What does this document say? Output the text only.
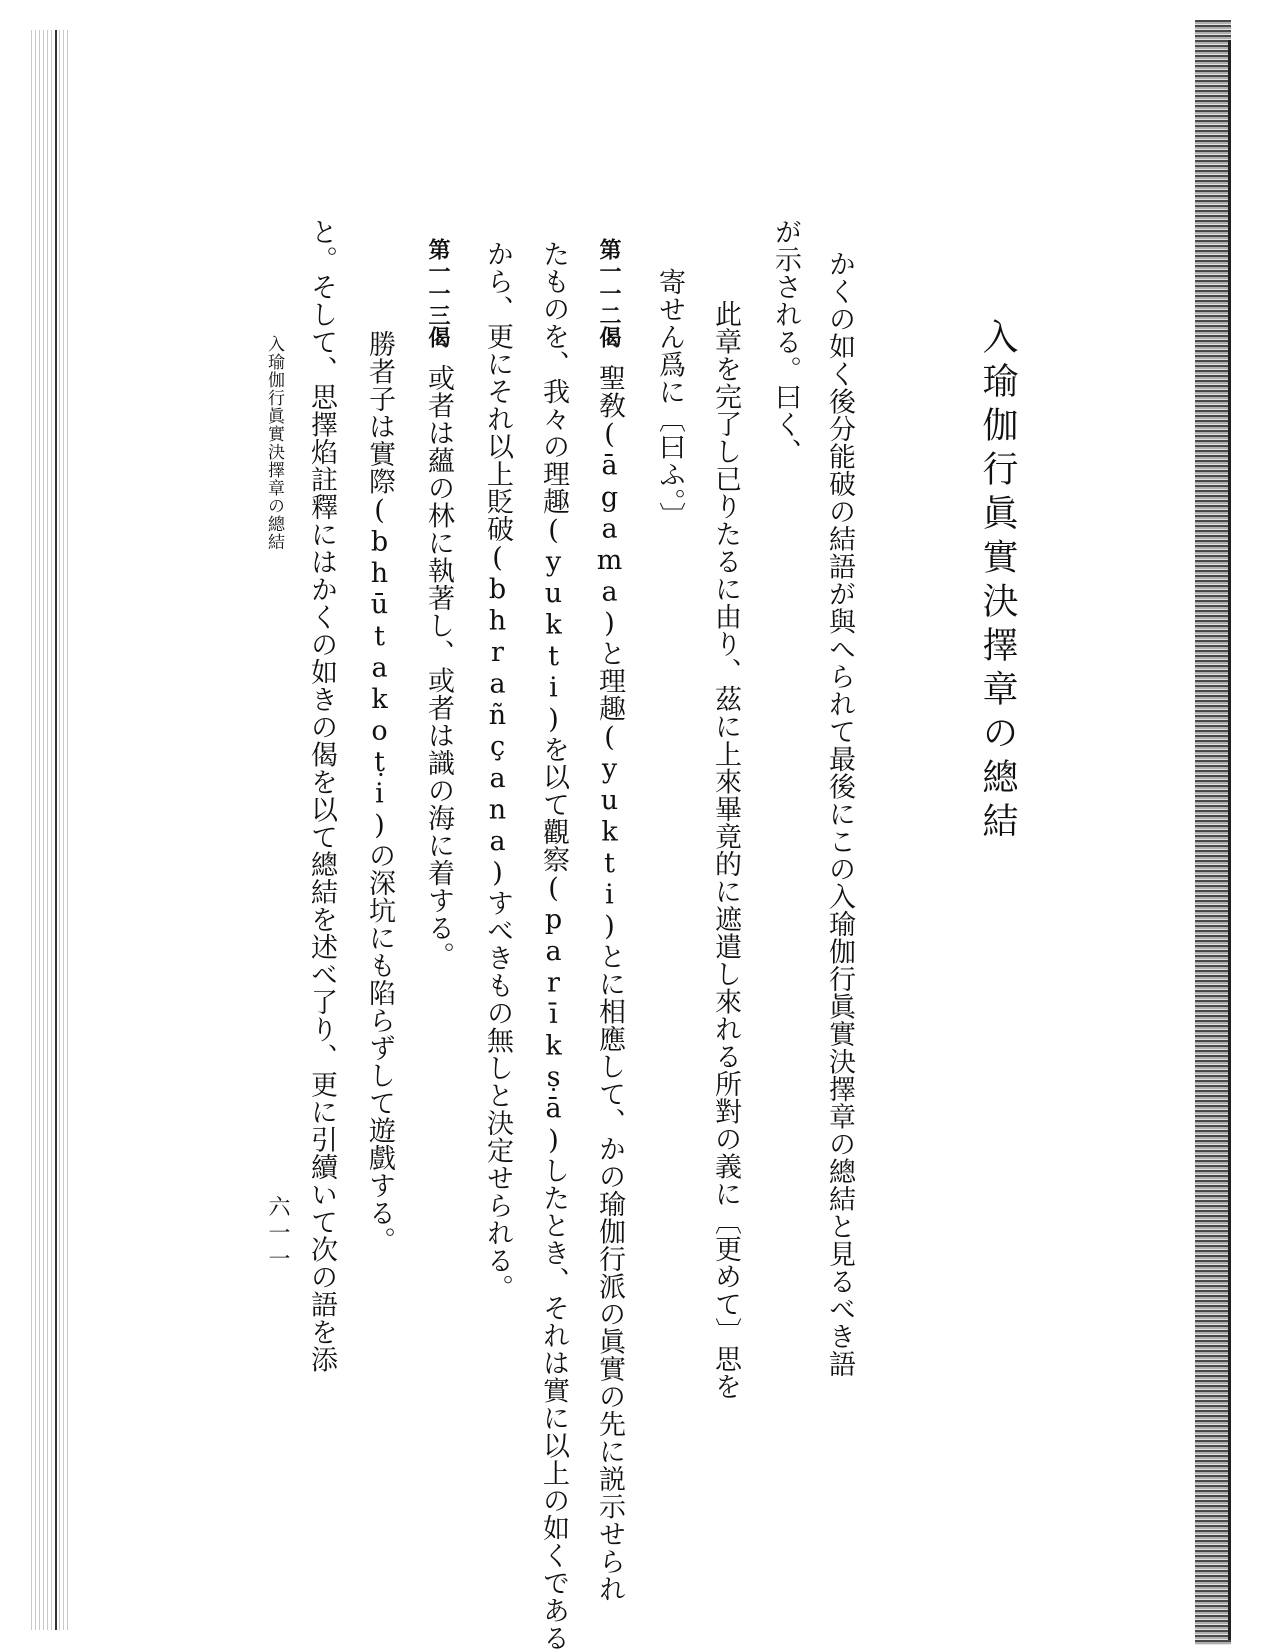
入瑜伽行眞實決擇章の總結
かくの如く後分能破の結語が與へられて最後にこの入瑜伽行眞實決擇章の總結と見るべき語
が示される。曰く、
此章を完了し已りたるに由り、茲に上來畢竟的に遮遣し來れる所對の義に〔更めて〕思を
寄せん爲に〔曰ふ。〕
第一一二偈聖敎(āgama)と理趣(yukti)とに相應して、かの瑜伽行派の眞實の先に説示せられ
たものを、我々の理趣(yukti)を以て觀察(parīkṣā)したとき、それは實に以上の如くである
から、更にそれ以上貶破(bhrañçana)すべきもの無しと決定せられる。
第一一三偈或者は蘊の林に執著し、或者は識の海に着する。
勝者子は實際(bhūtakoṭi)の深坑にも陷らずして遊戲する。
と。そして、思擇焰註釋にはかくの如きの偈を以て總結を述べ了り、更に引續いて次の語を添
入瑜伽行眞實決擇章の總結
六一一
